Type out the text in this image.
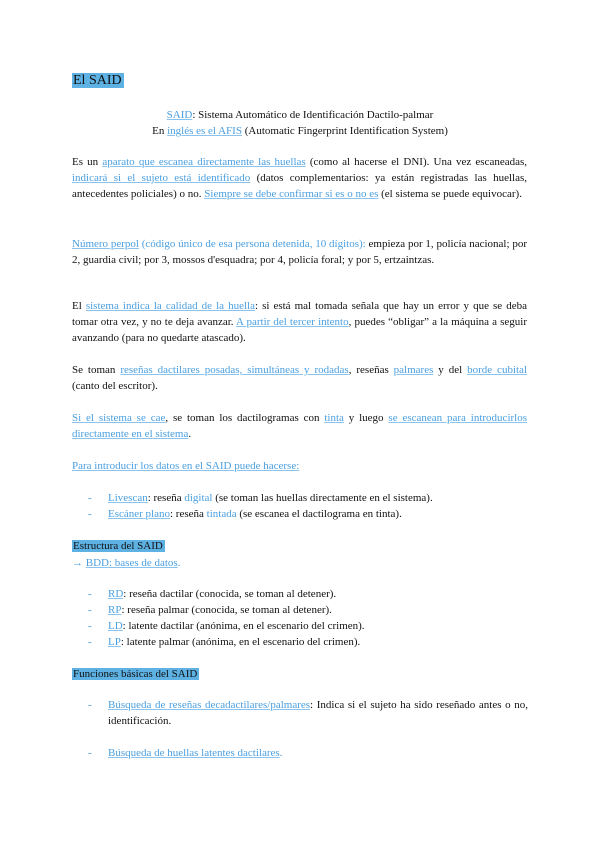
El SAID
SAID: Sistema Automático de Identificación Dactilo-palmar
En inglés es el AFIS (Automatic Fingerprint Identification System)

Es un aparato que escanea directamente las huellas (como al hacerse el DNI). Una vez escaneadas, indicará si el sujeto está identificado (datos complementarios: ya están registradas las huellas, antecedentes policiales) o no. Siempre se debe confirmar si es o no es (el sistema se puede equivocar).

Número perpol (código único de esa persona detenida, 10 dígitos): empieza por 1, policía nacional; por 2, guardia civil; por 3, mossos d'esquadra; por 4, policía foral; y por 5, ertzaintzas.

El sistema indica la calidad de la huella: si está mal tomada señala que hay un error y que se deba tomar otra vez, y no te deja avanzar. A partir del tercer intento, puedes “obligar” a la máquina a seguir avanzando (para no quedarte atascado).

Se toman reseñas dactilares posadas, simultáneas y rodadas, reseñas palmares y del borde cubital (canto del escritor).

Si el sistema se cae, se toman los dactilogramas con tinta y luego se escanean para introducirlos directamente en el sistema.

Para introducir los datos en el SAID puede hacerse:

- Livescan: reseña digital (se toman las huellas directamente en el sistema).
- Escáner plano: reseña tintada (se escanea el dactilograma en tinta).
Estructura del SAID
→ BDD: bases de datos.
- RD: reseña dactilar (conocida, se toman al detener).
- RP: reseña palmar (conocida, se toman al detener).
- LD: latente dactilar (anónima, en el escenario del crimen).
- LP: latente palmar (anónima, en el escenario del crimen).
Funciones básicas del SAID
- Búsqueda de reseñas decadactilares/palmares: Indica si el sujeto ha sido reseñado antes o no, identificación.
- Búsqueda de huellas latentes dactilares.
